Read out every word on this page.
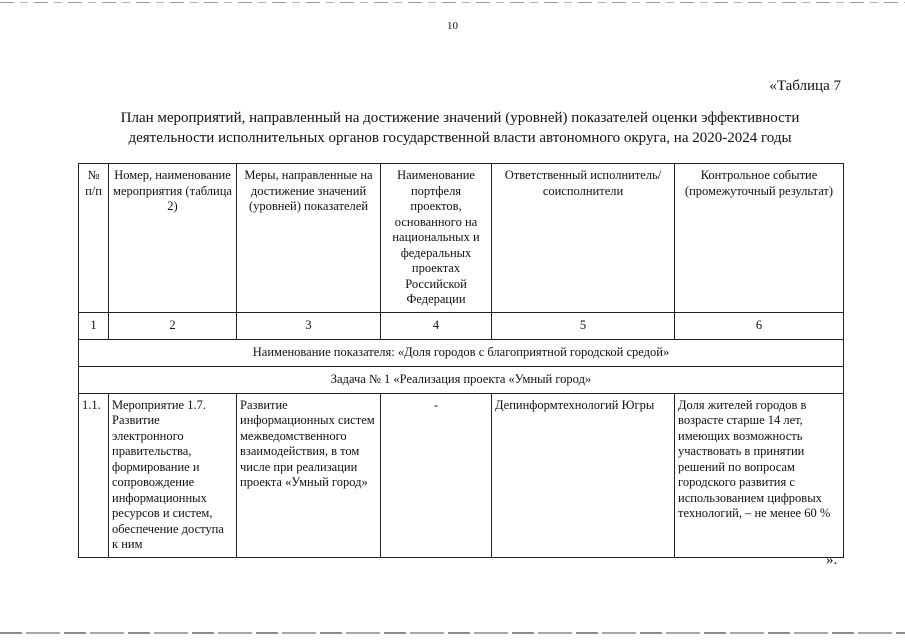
10
«Таблица 7
План мероприятий, направленный на достижение значений (уровней) показателей оценки эффективности
деятельности исполнительных органов государственной власти автономного округа, на 2020-2024 годы
№ п/п	Номер, наименование мероприятия (таблица 2)	Меры, направленные на достижение значений (уровней) показателей	Наименование портфеля проектов, основанного на национальных и федеральных проектах Российской Федерации	Ответственный исполнитель/соисполнители	Контрольное событие (промежуточный результат)
1	2	3	4	5	6
Наименование показателя: «Доля городов с благоприятной городской средой»					
Задача № 1 «Реализация проекта «Умный город»					
1.1.	Мероприятие 1.7. Развитие электронного правительства, формирование и сопровождение информационных ресурсов и систем, обеспечение доступа к ним	Развитие информационных систем межведомственного взаимодействия, в том числе при реализации проекта «Умный город»	-	Депинформтехнологий Югры	Доля жителей городов в возрасте старше 14 лет, имеющих возможность участвовать в принятии решений по вопросам городского развития с использованием цифровых технологий, – не менее 60 %
».
